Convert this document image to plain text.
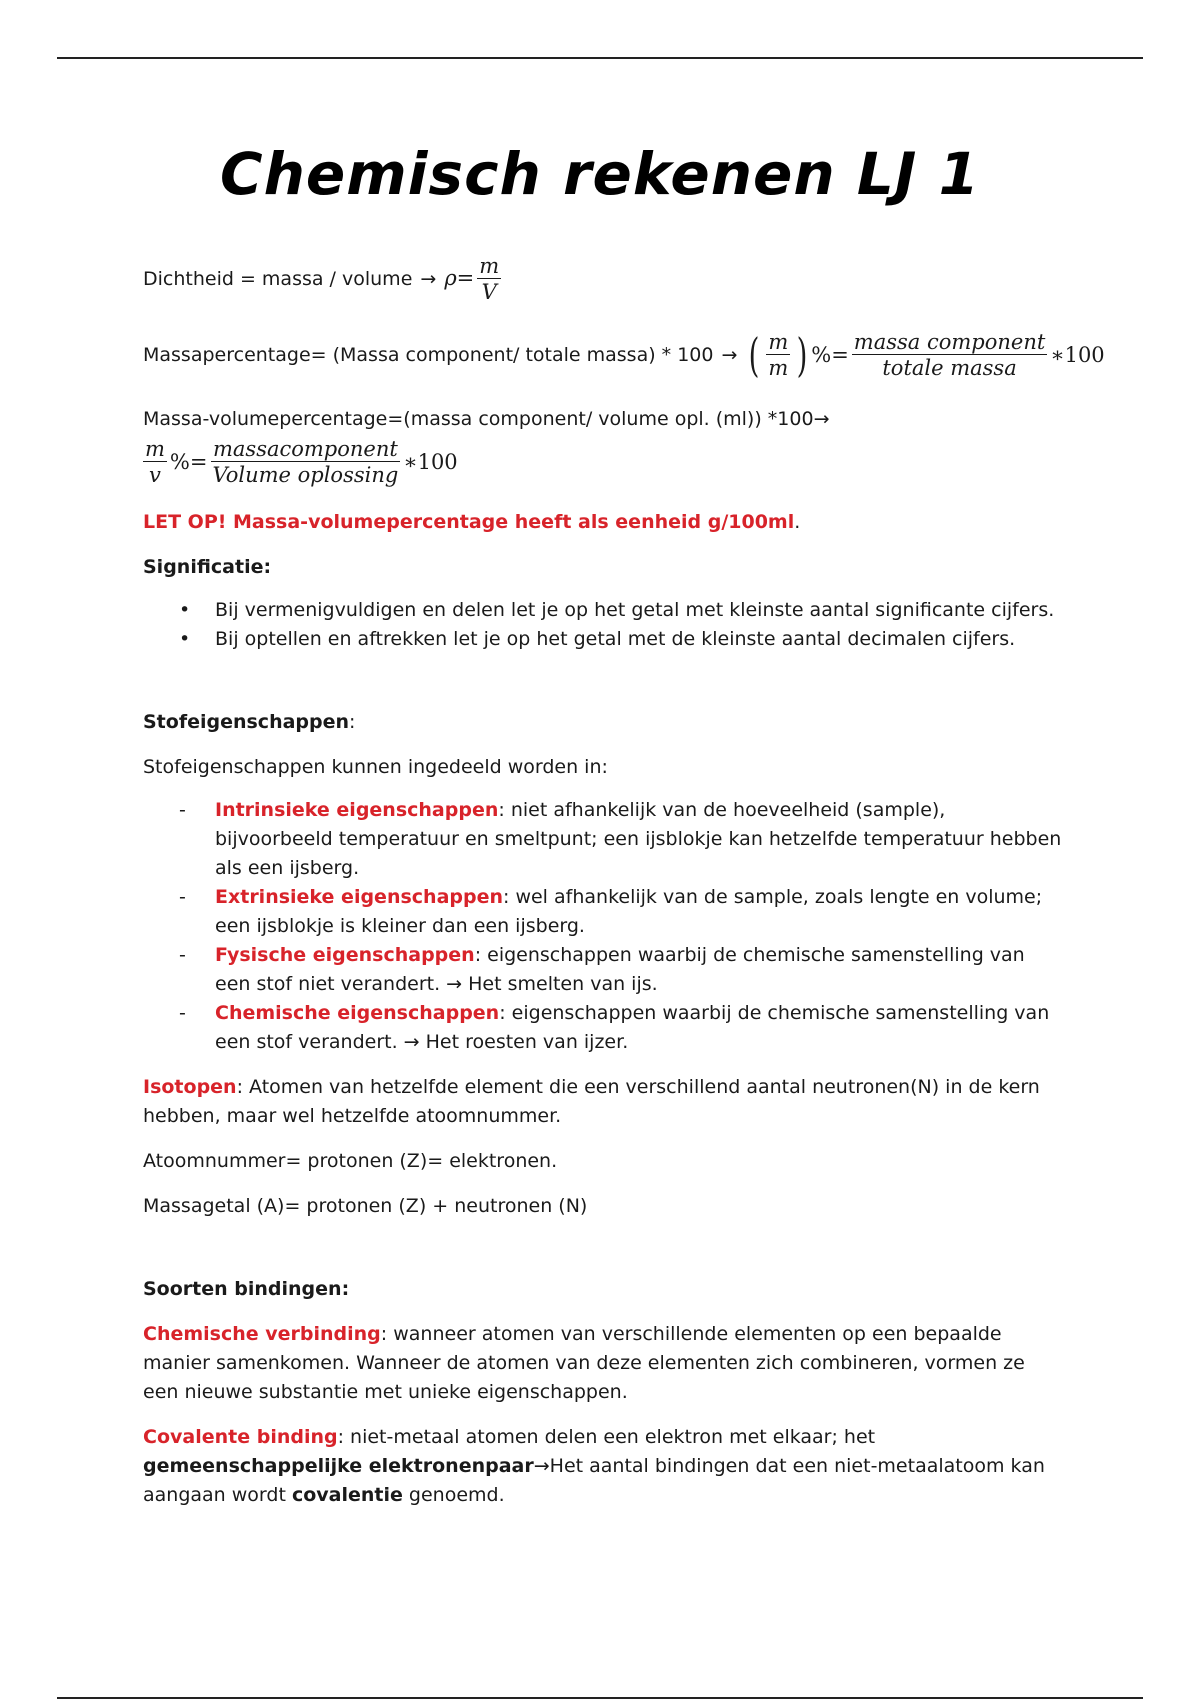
Chemisch rekenen LJ 1
Dichtheid = massa / volume → $\rho= \frac{m}{V}$
Massapercentage= (Massa component/ totale massa) * 100 → ( $\frac{m}{m}$ ) %= $\frac{\text{massa component}}{\text{totale massa}}$ ∗100

Massa-volumepercentage=(massa component/ volume opl. (ml)) *100→

$\frac{m}{v}$ %= $\frac{\text{massacomponent}}{\text{Volume oplossing}}$ ∗100

LET OP! Massa-volumepercentage heeft als eenheid g/100ml.

Significatie:

• Bij vermenigvuldigen en delen let je op het getal met kleinste aantal significante cijfers.
• Bij optellen en aftrekken let je op het getal met de kleinste aantal decimalen cijfers.

Stofeigenschappen:

Stofeigenschappen kunnen ingedeeld worden in:

- Intrinsieke eigenschappen: niet afhankelijk van de hoeveelheid (sample), bijvoorbeeld temperatuur en smeltpunt; een ijsblokje kan hetzelfde temperatuur hebben als een ijsberg.
- Extrinsieke eigenschappen: wel afhankelijk van de sample, zoals lengte en volume; een ijsblokje is kleiner dan een ijsberg.
- Fysische eigenschappen: eigenschappen waarbij de chemische samenstelling van een stof niet verandert. → Het smelten van ijs.
- Chemische eigenschappen: eigenschappen waarbij de chemische samenstelling van een stof verandert. → Het roesten van ijzer.

Isotopen: Atomen van hetzelfde element die een verschillend aantal neutronen(N) in de kern hebben, maar wel hetzelfde atoomnummer.

Atoomnummer= protonen (Z)= elektronen.

Massagetal (A)= protonen (Z) + neutronen (N)

Soorten bindingen:

Chemische verbinding: wanneer atomen van verschillende elementen op een bepaalde manier samenkomen. Wanneer de atomen van deze elementen zich combineren, vormen ze een nieuwe substantie met unieke eigenschappen.

Covalente binding: niet-metaal atomen delen een elektron met elkaar; het gemeenschappelijke elektronenpaar→Het aantal bindingen dat een niet-metaalatoom kan aangaan wordt covalentie genoemd.
